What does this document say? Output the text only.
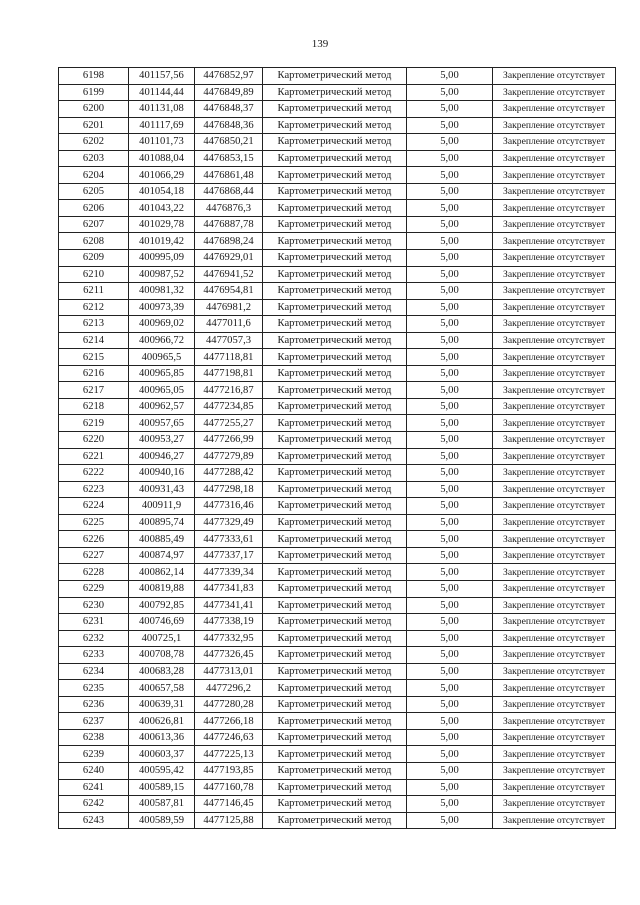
139
6198	401157,56	4476852,97	Картометрический метод	5,00	Закрепление отсутствует
6199	401144,44	4476849,89	Картометрический метод	5,00	Закрепление отсутствует
6200	401131,08	4476848,37	Картометрический метод	5,00	Закрепление отсутствует
6201	401117,69	4476848,36	Картометрический метод	5,00	Закрепление отсутствует
6202	401101,73	4476850,21	Картометрический метод	5,00	Закрепление отсутствует
6203	401088,04	4476853,15	Картометрический метод	5,00	Закрепление отсутствует
6204	401066,29	4476861,48	Картометрический метод	5,00	Закрепление отсутствует
6205	401054,18	4476868,44	Картометрический метод	5,00	Закрепление отсутствует
6206	401043,22	4476876,3	Картометрический метод	5,00	Закрепление отсутствует
6207	401029,78	4476887,78	Картометрический метод	5,00	Закрепление отсутствует
6208	401019,42	4476898,24	Картометрический метод	5,00	Закрепление отсутствует
6209	400995,09	4476929,01	Картометрический метод	5,00	Закрепление отсутствует
6210	400987,52	4476941,52	Картометрический метод	5,00	Закрепление отсутствует
6211	400981,32	4476954,81	Картометрический метод	5,00	Закрепление отсутствует
6212	400973,39	4476981,2	Картометрический метод	5,00	Закрепление отсутствует
6213	400969,02	4477011,6	Картометрический метод	5,00	Закрепление отсутствует
6214	400966,72	4477057,3	Картометрический метод	5,00	Закрепление отсутствует
6215	400965,5	4477118,81	Картометрический метод	5,00	Закрепление отсутствует
6216	400965,85	4477198,81	Картометрический метод	5,00	Закрепление отсутствует
6217	400965,05	4477216,87	Картометрический метод	5,00	Закрепление отсутствует
6218	400962,57	4477234,85	Картометрический метод	5,00	Закрепление отсутствует
6219	400957,65	4477255,27	Картометрический метод	5,00	Закрепление отсутствует
6220	400953,27	4477266,99	Картометрический метод	5,00	Закрепление отсутствует
6221	400946,27	4477279,89	Картометрический метод	5,00	Закрепление отсутствует
6222	400940,16	4477288,42	Картометрический метод	5,00	Закрепление отсутствует
6223	400931,43	4477298,18	Картометрический метод	5,00	Закрепление отсутствует
6224	400911,9	4477316,46	Картометрический метод	5,00	Закрепление отсутствует
6225	400895,74	4477329,49	Картометрический метод	5,00	Закрепление отсутствует
6226	400885,49	4477333,61	Картометрический метод	5,00	Закрепление отсутствует
6227	400874,97	4477337,17	Картометрический метод	5,00	Закрепление отсутствует
6228	400862,14	4477339,34	Картометрический метод	5,00	Закрепление отсутствует
6229	400819,88	4477341,83	Картометрический метод	5,00	Закрепление отсутствует
6230	400792,85	4477341,41	Картометрический метод	5,00	Закрепление отсутствует
6231	400746,69	4477338,19	Картометрический метод	5,00	Закрепление отсутствует
6232	400725,1	4477332,95	Картометрический метод	5,00	Закрепление отсутствует
6233	400708,78	4477326,45	Картометрический метод	5,00	Закрепление отсутствует
6234	400683,28	4477313,01	Картометрический метод	5,00	Закрепление отсутствует
6235	400657,58	4477296,2	Картометрический метод	5,00	Закрепление отсутствует
6236	400639,31	4477280,28	Картометрический метод	5,00	Закрепление отсутствует
6237	400626,81	4477266,18	Картометрический метод	5,00	Закрепление отсутствует
6238	400613,36	4477246,63	Картометрический метод	5,00	Закрепление отсутствует
6239	400603,37	4477225,13	Картометрический метод	5,00	Закрепление отсутствует
6240	400595,42	4477193,85	Картометрический метод	5,00	Закрепление отсутствует
6241	400589,15	4477160,78	Картометрический метод	5,00	Закрепление отсутствует
6242	400587,81	4477146,45	Картометрический метод	5,00	Закрепление отсутствует
6243	400589,59	4477125,88	Картометрический метод	5,00	Закрепление отсутствует
